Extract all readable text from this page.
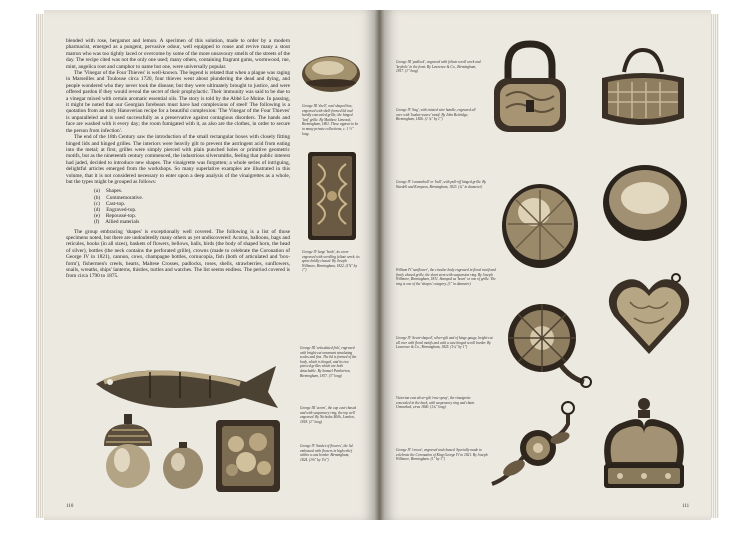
blended with rose, bergamot and lemon. A specimen of this solution, made to order by a modern pharmacist, emerged as a pungent, pervasive odour, well equipped to rouse and revive many a stout matron who was too tightly laced or overcome by some of the more unsavoury smells of the streets of the day. The recipe cited was not the only one used; many others, containing fragrant gums, wormwood, rue, mint, angelica root and camphor to name but one, were universally popular.

The 'Vinegar of the Four Thieves' is well-known. The legend is related that when a plague was raging in Marseilles and Toulouse circa 1720, four thieves went about plundering the dead and dying, and people wondered who they never took the disease; but they were ultimately brought to justice, and were offered pardon if they would reveal the secret of their prophylactic. Their immunity was said to be due to a vinegar mixed with certain aromatic essential oils. The story is told by the Abbé Le Moine. In passing, it might be noted that our Georgian forebears must have had complexions of steel! The following is a quotation from an early Hanoverian recipe for a beautiful complexion: 'The Vinegar of the Four Thieves' is unparalleled and is used successfully as a preservative against contagious disorders. The hands and face are washed with it every day; the room fumigated with it, as also are the clothes, in order to secure the person from infection'.

The end of the 18th Century saw the introduction of the small rectangular boxes with closely fitting hinged lids and hinged grilles. The interiors were heavily gilt to prevent the astringent acid from eating into the metal; at first, grilles were simply pierced with plain punched holes or primitive geometric motifs, but as the nineteenth century commenced, the industrious silversmiths, feeling that public interest had jaded, decided to introduce new shapes. The vinaigrette was forgotten; a whole series of intriguing, delightful articles emerged from the workshops. So many superlative examples are illustrated in this volume, that it is not considered necessary to enter upon a deep analysis of the vinaigrettes as a whole, but the types might be grouped as follows:

(a) Shapes.
(b) Commemorative.
(c) Cast-top.
(d) Engraved-top.
(e) Repoussé-top.
(f) Allied materials

The group embracing 'shapes' is exceptionally well covered. The following is a list of those specimens noted, but there are undoubtedly many others as yet undiscovered: Acorns, balloons, bags and reticules, books (in all sizes), baskets of flowers, bellows, balls, birds (the body of shaped horn, the head of silver), bottles (the neck contains the perforated grille), crowns (made to celebrate the Coronation of George IV in 1821), cannon, cows, champagne bottles, cornucopia, fish (both of articulated and 'box-form'), fishermen's creels, hearts, Maltese Crosses, padlocks, roses, shells, strawberries, sunflowers, snails, wreaths, ships' lanterns, thistles, turtles and watches. The list seems endless. The period covered is from circa 1790 to 1875.

George III 'shell', oval shaped box, engraved with shell-formed lid and hardly concealed grille; the hinged 'leaf' grille. By Matthew Linwood, Birmingham, 1801. These appear to be in many private collections; c. 1 ½" long.
George IV large 'book', its cover engraved with scrolling foliate work; its spine boldly chased. By Joseph Willmore, Birmingham, 1822. (1⅞" by 1")
George III 'articulated fish', engraved with bright-cut ornament simulating scales and fins. The lid is formed of the body, which is hinged, and its two pierced grilles which are both detachable. By Samuel Pemberton, Birmingham, 1817. (3" long)
George III 'acorn', the cup cast-chased and with suspensory ring, the top well engraved. By Nicholas Mills, London, 1818. (1" long)
George IV 'basket of flowers', the lid embossed with flowers in high relief within a cast border. Birmingham, 1824. (1⅝" by 1⅛")
110
George III 'padlock', engraved with foliate scroll work and 'keyhole' in the front. By Lawrence & Co., Birmingham, 1817. (1" long)
George IV 'bag', with twisted wire handle, engraved all over with 'basket-weave' motif. By John Bettridge, Birmingham, 1826. (1 ¼" by 1")
George IV 'cannonball' or 'ball', with pull-off hinged grille. By Wardell and Kempson, Birmingham, 1823. (¾" in diameter)
William IV 'sunflower', the circular body engraved in floral motif and finely chased grille, the short stem with suspension ring. By Joseph Willmore, Birmingham, 1831. Stamped as 'heart' or one of grille. The ring is one of the 'shapes' category. (1" in diameter)
George IV 'heart-shaped', silver-gilt and of hinge gauge, bright-cut all over with floral motifs and with a cast hinged scroll border. By Lawrence & Co., Birmingham, 1825. (1¼" by 1")
Victorian cast silver-gilt 'rose spray', the vinaigrette concealed in the back, with suspensory ring and chain. Unmarked, circa 1840. (1¾" long)
George IV 'crown', engraved and chased. Specially made to celebrate the Coronation of King George IV in 1821. By Joseph Willmore, Birmingham. (1" by 1")
111
